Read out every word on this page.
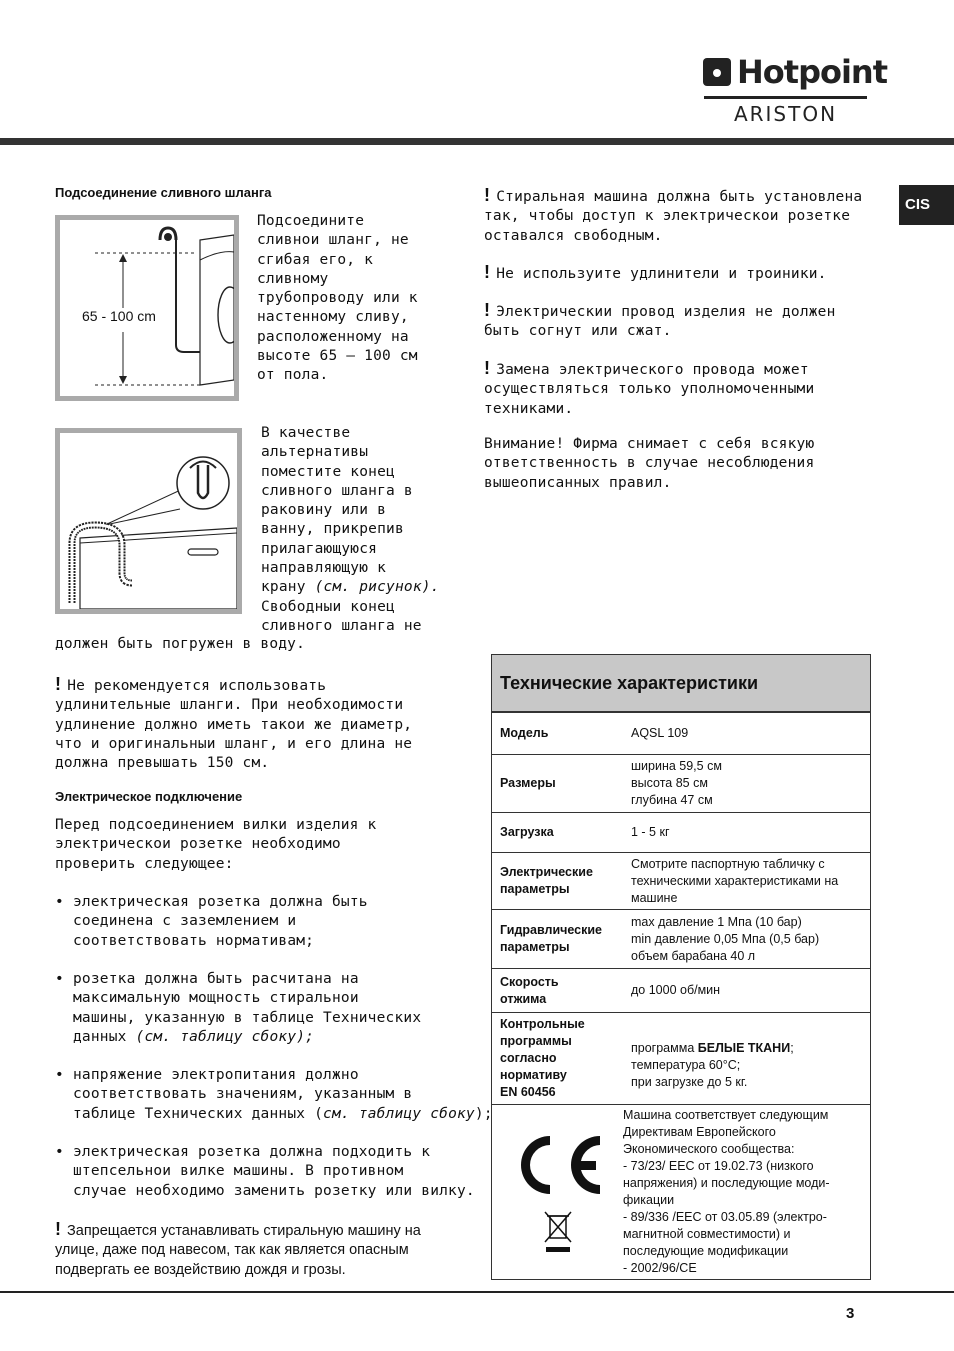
Hotpoint
ARISTON
CIS
Подсоединение сливного шланга
65 - 100 cm
Подсоедините
сливнои шланг, не
сгибая его, к
сливному
трубопроводу или к
настенному сливу,
расположенному на
высоте 65 – 100 см
от пола.
В качестве
альтернативы
поместите конец
сливного шланга в
раковину или в
ванну, прикрепив
прилагающуюся
направляющую к
крану (см. рисунок).
Свободныи конец
сливного шланга не
должен быть погружен в воду.
! Не рекомендуется использовать
удлинительные шланги. При необходимости
удлинение должно иметь такои же диаметр,
что и оригинальныи шланг, и его длина не
должна превышать 150 см.
Электрическое подключение
Перед подсоединением вилки изделия к
электрическои розетке необходимо
проверить следующее:
• электрическая розетка должна быть
соединена с заземлением и
соответствовать нормативам;
• розетка должна быть расчитана на
максимальную мощность стиральнои
машины, указанную в таблице Технических
данных (см. таблицу сбоку);
• напряжение электропитания должно
соответствовать значениям, указанным в
таблице Технических данных (см. таблицу сбоку);
• электрическая розетка должна подходить к
штепсельнои вилке машины. В противном
случае необходимо заменить розетку или вилку.
! Запрещается устанавливать стиральную машину на улице, даже под навесом, так как является опасным подвергать ее воздействию дождя и грозы.
! Стиральная машина должна быть установлена
так, чтобы доступ к электрическои розетке
оставался свободным.
! Не используите удлинители и троиники.
! Электрическии провод изделия не должен
быть согнут или сжат.
! Замена электрического провода может
осуществляться только уполномоченными
техниками.
Внимание! Фирма снимает с себя всякую
ответственность в случае несоблюдения
вышеописанных правил.
Технические характеристики
Модель	AQSL 109
Размеры
ширина 59,5 см
высота 85 см
глубина 47 см
Загрузка	1 - 5 кг
Электрические
параметры
Смотрите паспортную табличку с
техническими характеристиками на
машине
Гидравлические
параметры
max давление 1 Мпа (10 бар)
min давление 0,05 Мпа (0,5 бар)
объем барабана 40 л
Скорость
отжима
до 1000 об/мин
Контрольные
программы
согласно
нормативу
EN 60456
программа БЕЛЫЕ ТКАНИ;
температура 60°С;
при загрузке до 5 кг.
Машина соответствует следующим
Директивам Европейского
Экономического сообщества:
- 73/23/ EEC от 19.02.73 (низкого
напряжения) и последующие моди-
фикации
- 89/336 /EEC от 03.05.89 (электро-
магнитной совместимости) и
последующие модификации
- 2002/96/CE
3
